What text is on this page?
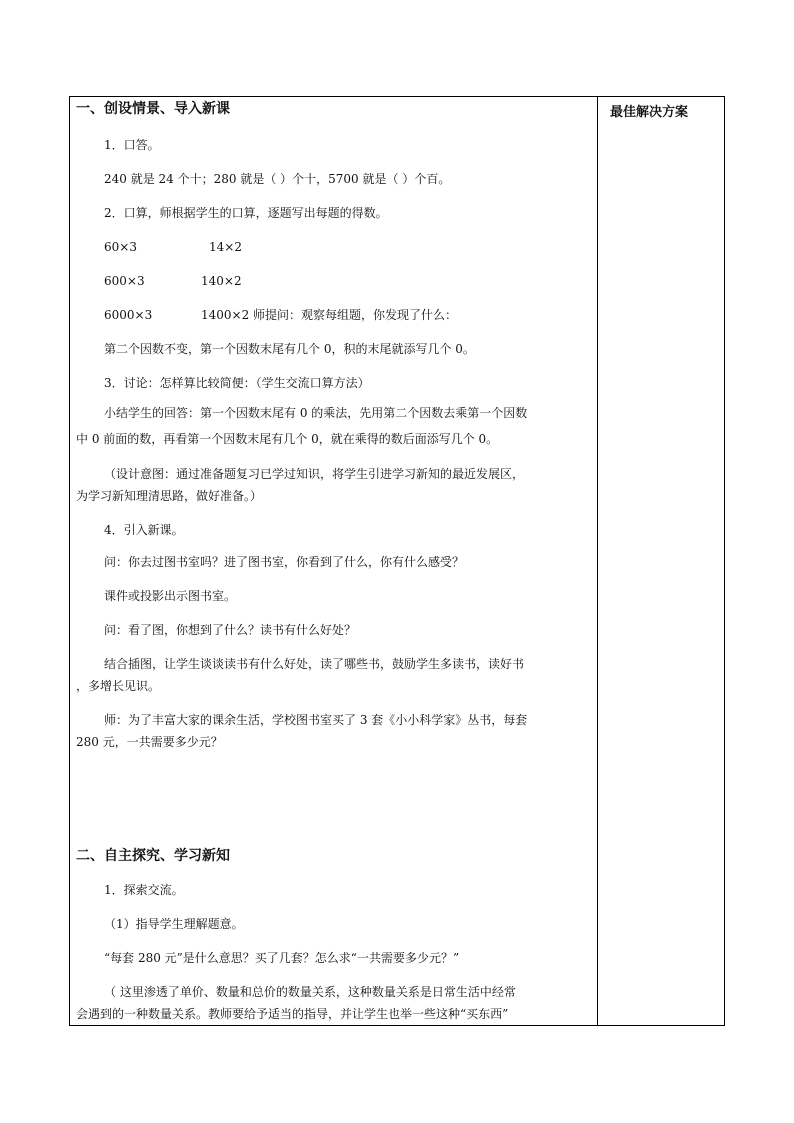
最佳解决方案
一、创设情景、导入新课
1．口答。
240 就是 24 个十；280 就是（ ）个十，5700 就是（ ）个百。
2．口算，师根据学生的口算，逐题写出每题的得数。
60×3	14×2
600×3	140×2
6000×3	1400×2 师提问：观察每组题，你发现了什么：
第二个因数不变，第一个因数末尾有几个 0，积的末尾就添写几个 0。
3．讨论：怎样算比较简便：（学生交流口算方法）
小结学生的回答：第一个因数末尾有 0 的乘法，先用第二个因数去乘第一个因数
中 0 前面的数，再看第一个因数末尾有几个 0，就在乘得的数后面添写几个 0。
（设计意图：通过准备题复习已学过知识，将学生引进学习新知的最近发展区，
为学习新知理清思路，做好准备。）
4．引入新课。
问：你去过图书室吗？进了图书室，你看到了什么，你有什么感受？
课件或投影出示图书室。
问：看了图，你想到了什么？读书有什么好处？
结合插图，让学生谈谈读书有什么好处，读了哪些书，鼓励学生多读书，读好书
，多增长见识。
师：为了丰富大家的课余生活，学校图书室买了 3 套《小小科学家》丛书，每套
280 元，一共需要多少元？
二、自主探究、学习新知
1．探索交流。
（1）指导学生理解题意。
“每套 280 元”是什么意思？买了几套？怎么求“一共需要多少元？”
（ 这里渗透了单价、数量和总价的数量关系，这种数量关系是日常生活中经常
会遇到的一种数量关系。教师要给予适当的指导，并让学生也举一些这种“买东西”
